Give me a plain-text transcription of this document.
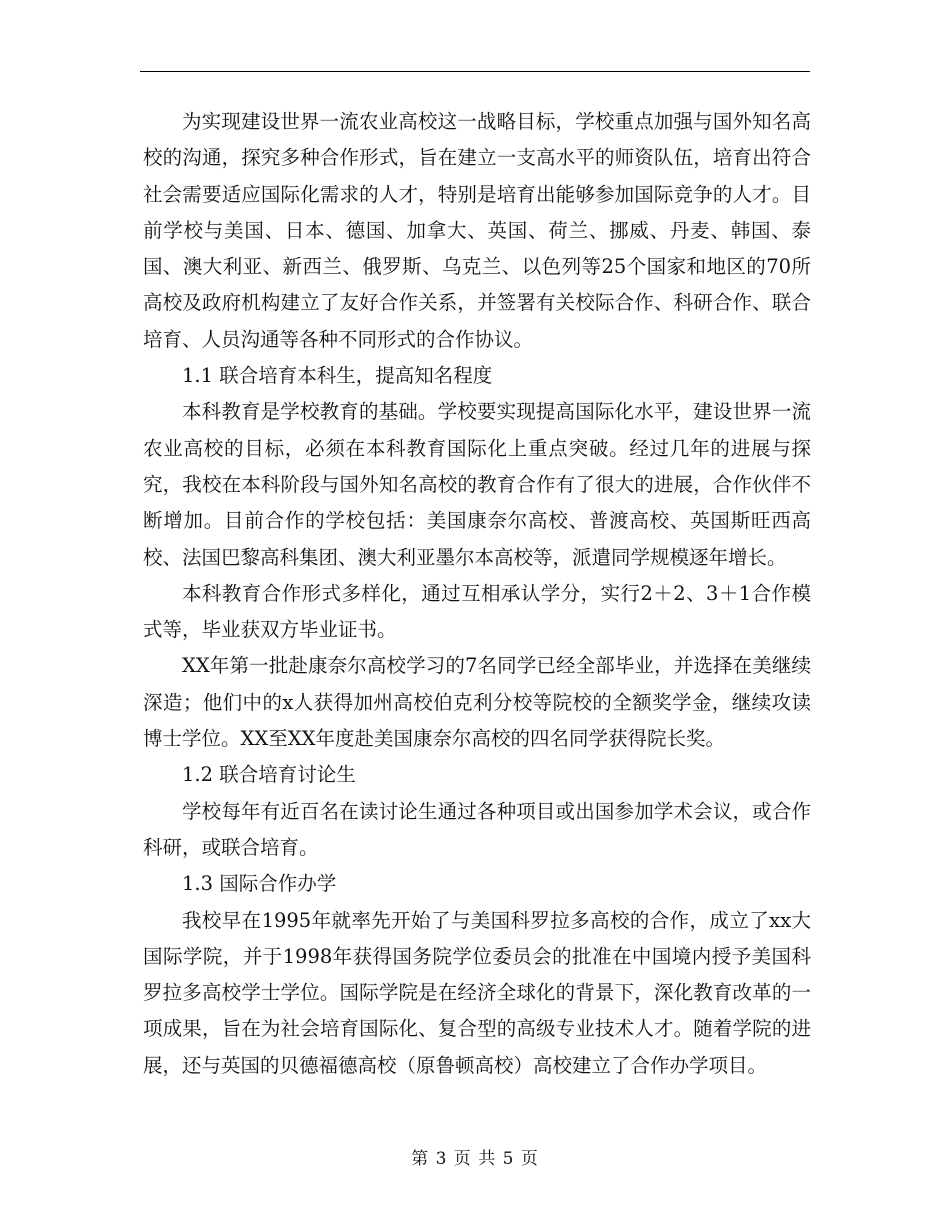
为实现建设世界一流农业高校这一战略目标，学校重点加强与国外知名高校的沟通，探究多种合作形式，旨在建立一支高水平的师资队伍，培育出符合社会需要适应国际化需求的人才，特别是培育出能够参加国际竞争的人才。目前学校与美国、日本、德国、加拿大、英国、荷兰、挪威、丹麦、韩国、泰国、澳大利亚、新西兰、俄罗斯、乌克兰、以色列等25个国家和地区的70所高校及政府机构建立了友好合作关系，并签署有关校际合作、科研合作、联合培育、人员沟通等各种不同形式的合作协议。

1.1 联合培育本科生，提高知名程度

本科教育是学校教育的基础。学校要实现提高国际化水平，建设世界一流农业高校的目标，必须在本科教育国际化上重点突破。经过几年的进展与探究，我校在本科阶段与国外知名高校的教育合作有了很大的进展，合作伙伴不断增加。目前合作的学校包括：美国康奈尔高校、普渡高校、英国斯旺西高校、法国巴黎高科集团、澳大利亚墨尔本高校等，派遣同学规模逐年增长。

本科教育合作形式多样化，通过互相承认学分，实行2＋2、3＋1合作模式等，毕业获双方毕业证书。

XX年第一批赴康奈尔高校学习的7名同学已经全部毕业，并选择在美继续深造；他们中的x人获得加州高校伯克利分校等院校的全额奖学金，继续攻读博士学位。XX至XX年度赴美国康奈尔高校的四名同学获得院长奖。

1.2 联合培育讨论生

学校每年有近百名在读讨论生通过各种项目或出国参加学术会议，或合作科研，或联合培育。

1.3 国际合作办学

我校早在1995年就率先开始了与美国科罗拉多高校的合作，成立了xx大国际学院，并于1998年获得国务院学位委员会的批准在中国境内授予美国科罗拉多高校学士学位。国际学院是在经济全球化的背景下，深化教育改革的一项成果，旨在为社会培育国际化、复合型的高级专业技术人才。随着学院的进展，还与英国的贝德福德高校（原鲁顿高校）高校建立了合作办学项目。

第 3 页 共 5 页
